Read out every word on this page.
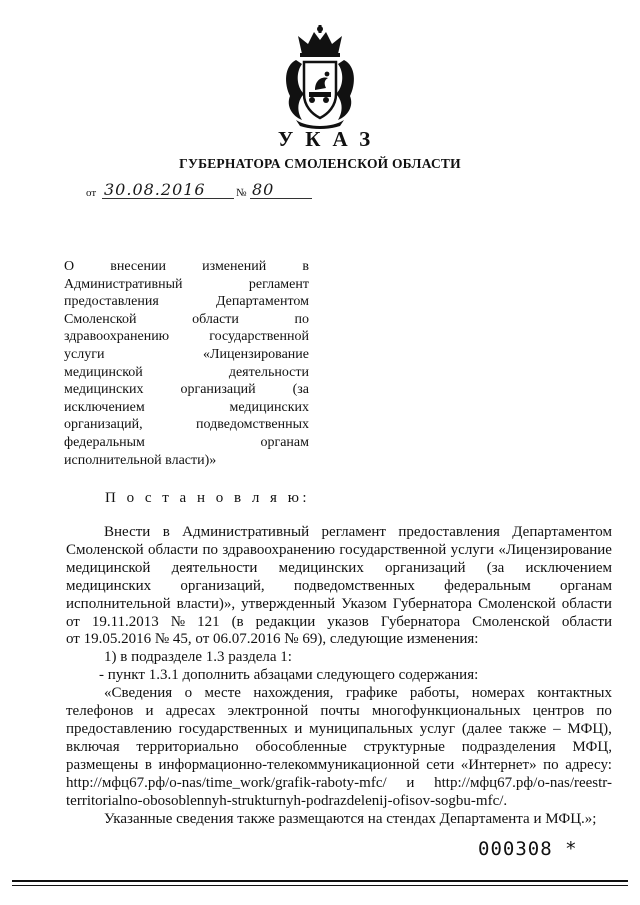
УКАЗ
ГУБЕРНАТОРА СМОЛЕНСКОЙ ОБЛАСТИ
от 30.08.2016	№ 80
О	внесении	изменений	в
Административный	регламент
предоставления	Департаментом
Смоленской	области	по
здравоохранению	государственной
услуги	«Лицензирование
медицинской	деятельности
медицинских	организаций	(за
исключением	медицинских
организаций,	подведомственных
федеральным	органам
исполнительной власти)»
П о с т а н о в л я ю:
Внести в Административный регламент предоставления Департаментом
Смоленской области по здравоохранению государственной услуги «Лицензирование
медицинской деятельности медицинских организаций (за исключением
медицинских организаций, подведомственных федеральным органам
исполнительной власти)», утвержденный Указом Губернатора Смоленской области
от 19.11.2013 № 121 (в редакции указов Губернатора Смоленской области
от 19.05.2016 № 45, от 06.07.2016 № 69), следующие изменения:
1) в подразделе 1.3 раздела 1:
- пункт 1.3.1 дополнить абзацами следующего содержания:
«Сведения о месте нахождения, графике работы, номерах контактных
телефонов и адресах электронной почты многофункциональных центров по
предоставлению государственных и муниципальных услуг (далее также – МФЦ),
включая территориально обособленные структурные подразделения МФЦ,
размещены в информационно-телекоммуникационной сети «Интернет» по адресу:
http://мфц67.рф/o-nas/time_work/grafik-raboty-mfc/ и http://мфц67.рф/o-nas/reestr-
territorialno-obosoblennyh-strukturnyh-podrazdelenij-ofisov-sogbu-mfc/.
Указанные сведения также размещаются на стендах Департамента и МФЦ.»;
000308 *
